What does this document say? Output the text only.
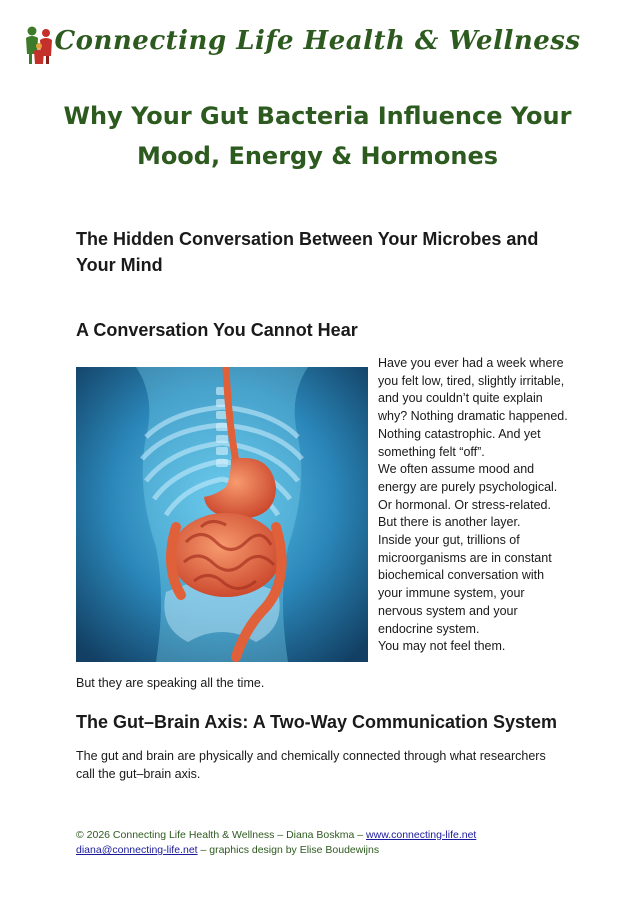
Connecting Life Health & Wellness
Why Your Gut Bacteria Influence Your
Mood, Energy & Hormones
The Hidden Conversation Between Your Microbes and Your Mind
A Conversation You Cannot Hear

Have you ever had a week where you felt low, tired, slightly irritable, and you couldn’t quite explain why? Nothing dramatic happened. Nothing catastrophic. And yet something felt “off”.

We often assume mood and energy are purely psychological. Or hormonal. Or stress-related. But there is another layer.

Inside your gut, trillions of microorganisms are in constant biochemical conversation with your immune system, your nervous system and your endocrine system.

You may not feel them.

But they are speaking all the time.

The Gut–Brain Axis: A Two-Way Communication System

The gut and brain are physically and chemically connected through what researchers call the gut–brain axis.

© 2026 Connecting Life Health & Wellness – Diana Boskma – www.connecting-life.net
diana@connecting-life.net – graphics design by Elise Boudewijns
